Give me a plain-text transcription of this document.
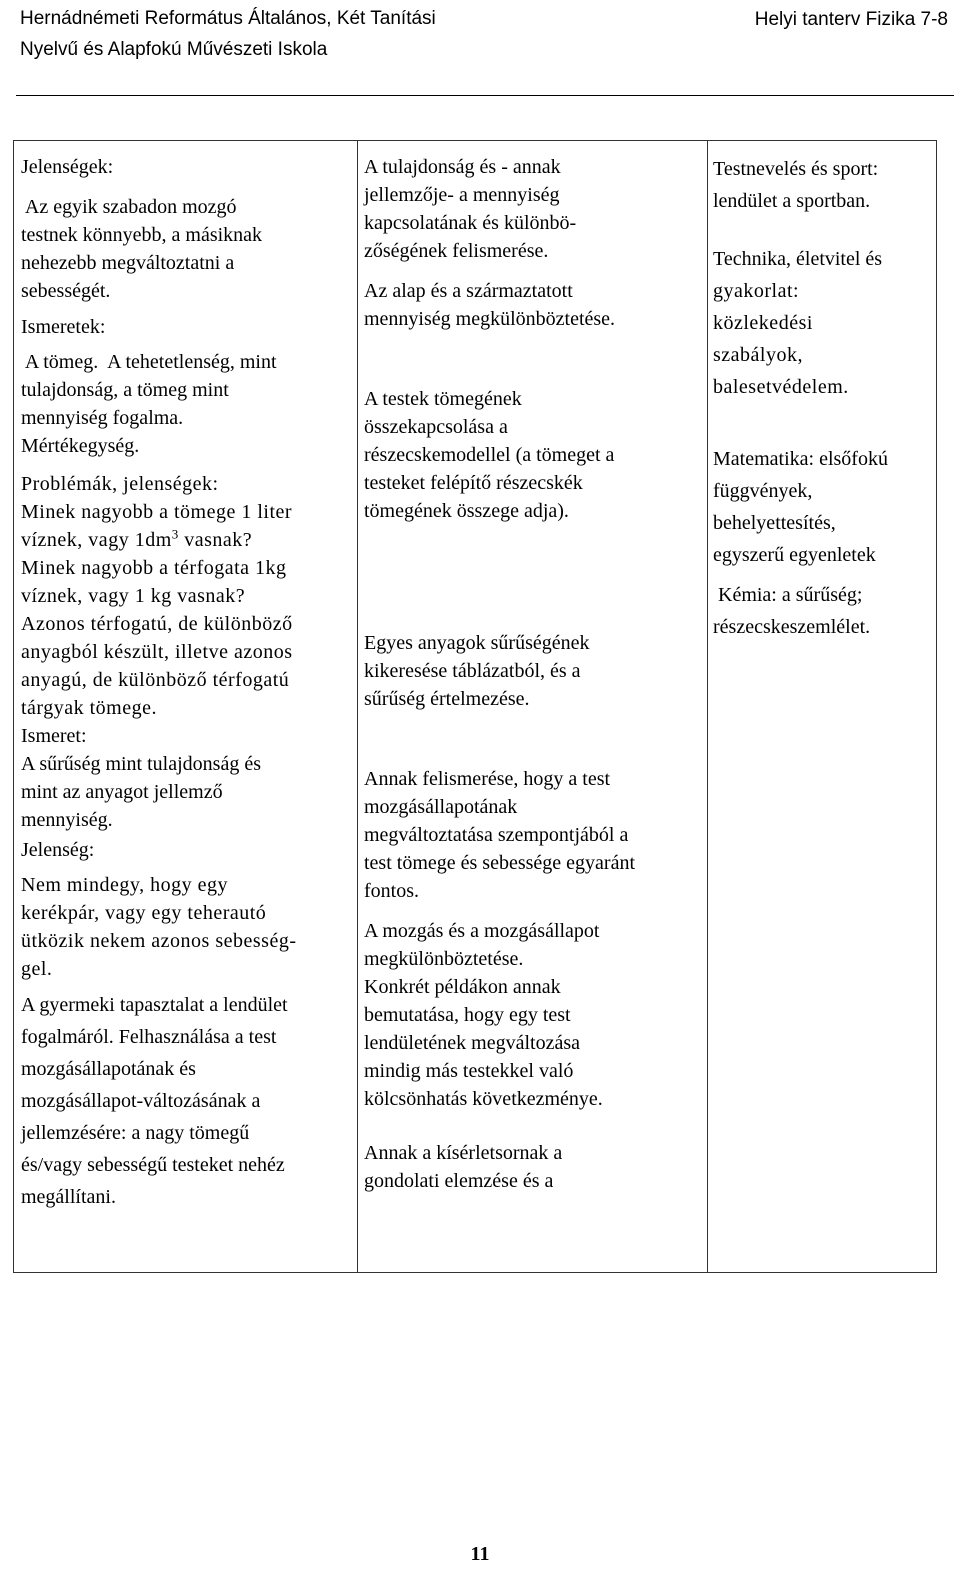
Hernádnémeti Református Általános, Két Tanítási
Nyelvű és Alapfokú Művészeti Iskola
Helyi tanterv Fizika 7-8
Jelenségek:
Az egyik szabadon mozgó
testnek könnyebb, a másiknak
nehezebb megváltoztatni a
sebességét.
Ismeretek:
A tömeg.  A tehetetlenség, mint
tulajdonság, a tömeg mint
mennyiség fogalma.
Mértékegység.
Problémák, jelenségek:
Minek nagyobb a tömege 1 liter
víznek, vagy $1dm^3$ vasnak?
Minek nagyobb a térfogata 1kg
víznek, vagy 1 kg vasnak?
Azonos térfogatú, de különböző
anyagból készült, illetve azonos
anyagú, de különböző térfogatú
tárgyak tömege.
Ismeret:
A sűrűség mint tulajdonság és
mint az anyagot jellemző
mennyiség.
Jelenség:
Nem mindegy, hogy egy
kerékpár, vagy egy teherautó
ütközik nekem azonos sebesség-
gel.
A gyermeki tapasztalat a lendület
fogalmáról. Felhasználása a test
mozgásállapotának és
mozgásállapot-változásának a
jellemzésére: a nagy tömegű
és/vagy sebességű testeket nehéz
megállítani.
A tulajdonság és - annak
jellemzője- a mennyiség
kapcsolatának és különbö-
zőségének felismerése.
Az alap és a származtatott
mennyiség megkülönböztetése.
A testek tömegének
összekapcsolása a
részecskemodellel (a tömeget a
testeket felépítő részecskék
tömegének összege adja).
Egyes anyagok sűrűségének
kikeresése táblázatból, és a
sűrűség értelmezése.
Annak felismerése, hogy a test
mozgásállapotának
megváltoztatása szempontjából a
test tömege és sebessége egyaránt
fontos.
A mozgás és a mozgásállapot
megkülönböztetése.
Konkrét példákon annak
bemutatása, hogy egy test
lendületének megváltozása
mindig más testekkel való
kölcsönhatás következménye.
Annak a kísérletsornak a
gondolati elemzése és a
Testnevelés és sport:
lendület a sportban.
Technika, életvitel és
gyakorlat:
közlekedési
szabályok,
balesetvédelem.
Matematika: elsőfokú
függvények,
behelyettesítés,
egyszerű egyenletek
Kémia: a sűrűség;
részecskeszemlélet.
11
